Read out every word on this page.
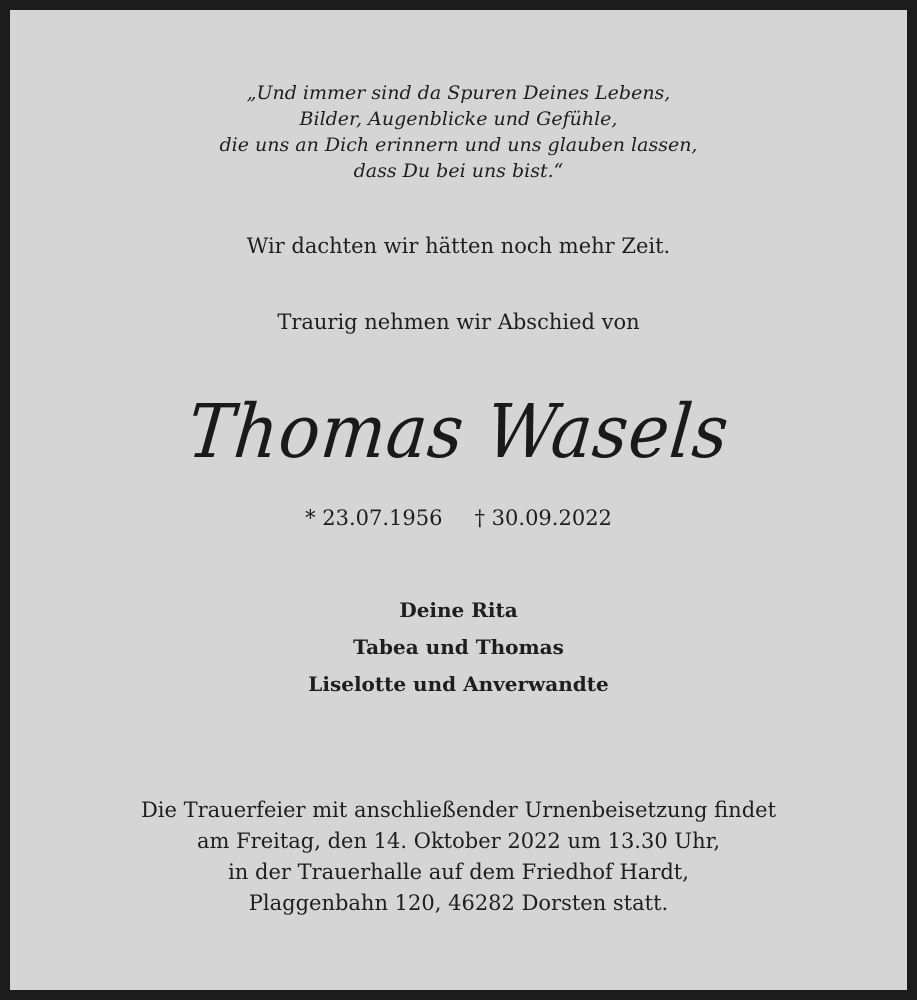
„Und immer sind da Spuren Deines Lebens,
Bilder, Augenblicke und Gefühle,
die uns an Dich erinnern und uns glauben lassen,
dass Du bei uns bist.“
Wir dachten wir hätten noch mehr Zeit.
Traurig nehmen wir Abschied von
Thomas Wasels
* 23.07.1956 † 30.09.2022
Deine Rita
Tabea und Thomas
Liselotte und Anverwandte
Die Trauerfeier mit anschließender Urnenbeisetzung findet
am Freitag, den 14. Oktober 2022 um 13.30 Uhr,
in der Trauerhalle auf dem Friedhof Hardt,
Plaggenbahn 120, 46282 Dorsten statt.
